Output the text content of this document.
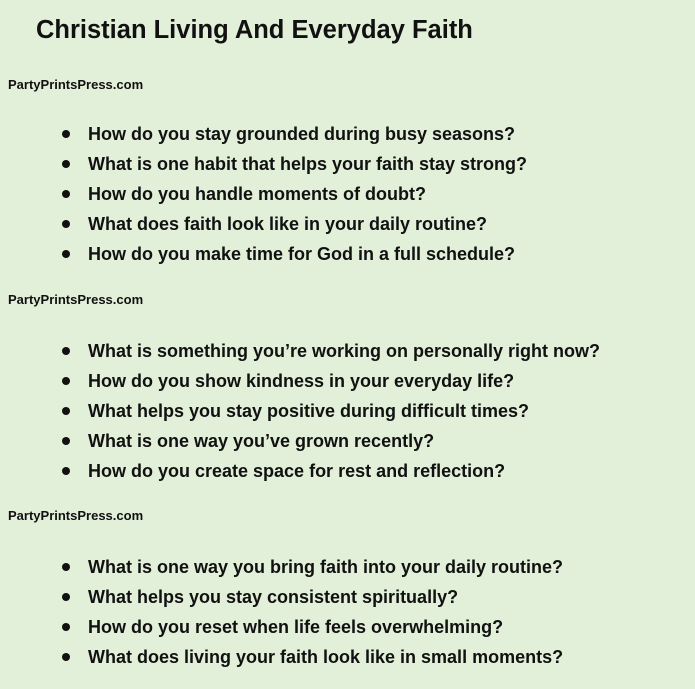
Christian Living And Everyday Faith
PartyPrintsPress.com
How do you stay grounded during busy seasons?
What is one habit that helps your faith stay strong?
How do you handle moments of doubt?
What does faith look like in your daily routine?
How do you make time for God in a full schedule?
PartyPrintsPress.com
What is something you’re working on personally right now?
How do you show kindness in your everyday life?
What helps you stay positive during difficult times?
What is one way you’ve grown recently?
How do you create space for rest and reflection?
PartyPrintsPress.com
What is one way you bring faith into your daily routine?
What helps you stay consistent spiritually?
How do you reset when life feels overwhelming?
What does living your faith look like in small moments?
